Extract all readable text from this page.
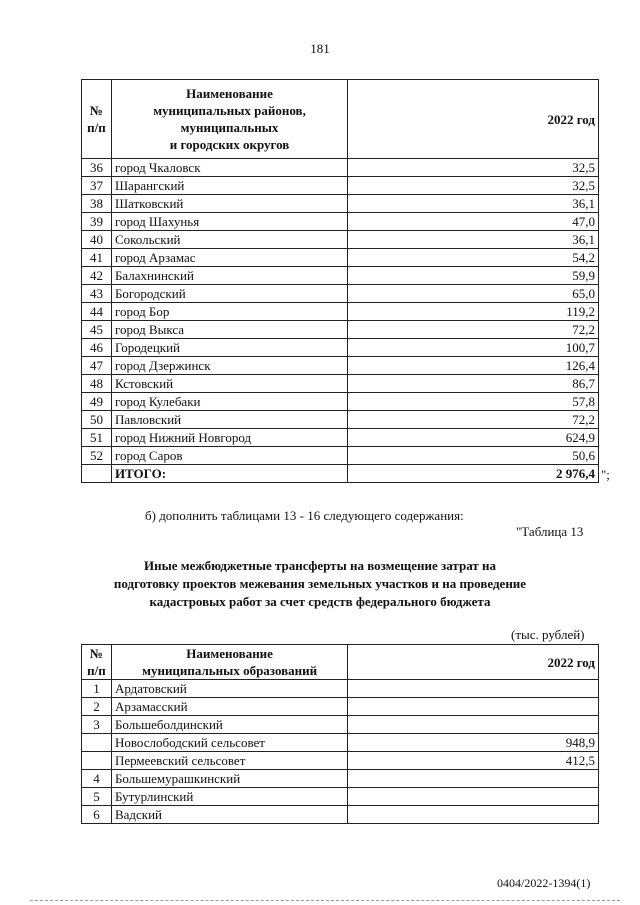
181
№
п/п	Наименование
муниципальных районов,
муниципальных
и городских округов	2022 год
36	город Чкаловск	32,5
37	Шарангский	32,5
38	Шатковский	36,1
39	город Шахунья	47,0
40	Сокольский	36,1
41	город Арзамас	54,2
42	Балахнинский	59,9
43	Богородский	65,0
44	город Бор	119,2
45	город Выкса	72,2
46	Городецкий	100,7
47	город Дзержинск	126,4
48	Кстовский	86,7
49	город Кулебаки	57,8
50	Павловский	72,2
51	город Нижний Новгород	624,9
52	город Саров	50,6
	ИТОГО:	2 976,4 ";
б) дополнить таблицами 13 - 16 следующего содержания:
"Таблица 13
Иные межбюджетные трансферты на возмещение затрат на
подготовку проектов межевания земельных участков и на проведение
кадастровых работ за счет средств федерального бюджета
(тыс. рублей)
№
п/п	Наименование
муниципальных образований	2022 год
1	Ардатовский	
2	Арзамасский	
3	Большеболдинский	
	Новослободский сельсовет	948,9
	Пермеевский сельсовет	412,5
4	Большемурашкинский	
5	Бутурлинский	
6	Вадский	
0404/2022-1394(1)
